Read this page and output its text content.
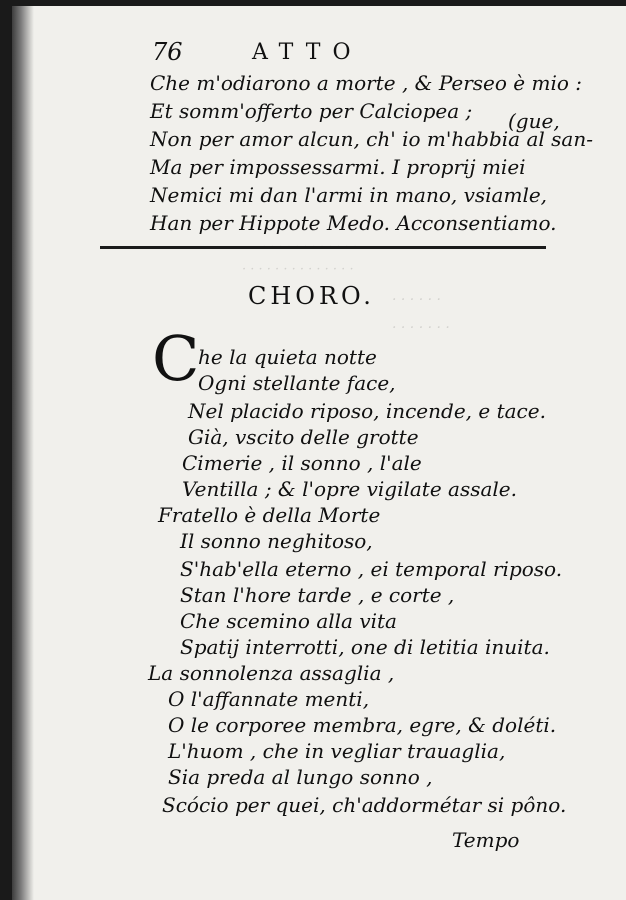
76	ATTO
· · · · · · · · · · · · · ·
· · · · · ·
· · · · · · ·
Che m'odiarono a morte , & Perseo è mio :
Et somm'offerto per Calciopea ; (gue,
Non per amor alcun, ch' io m'habbia al san-
Ma per impossessarmi. I proprij miei
Nemici mi dan l'armi in mano, vsiamle,
Han per Hippote Medo. Acconsentiamo.
CHORO.
C
he la quieta notte
Ogni stellante face,
Nel placido riposo, incende, e tace.
Già, vscito delle grotte
Cimerie , il sonno , l'ale
Ventilla ; & l'opre vigilate assale.
Fratello è della Morte
Il sonno neghitoso,
S'hab'ella eterno , ei temporal riposo.
Stan l'hore tarde , e corte ,
Che scemino alla vita
Spatij interrotti, one di letitia inuita.
La sonnolenza assaglia ,
O l'affannate menti,
O le corporee membra, egre, & doléti.
L'huom , che in vegliar trauaglia,
Sia preda al lungo sonno ,
Scócio per quei, ch'addormétar si pôno.
Tempo
